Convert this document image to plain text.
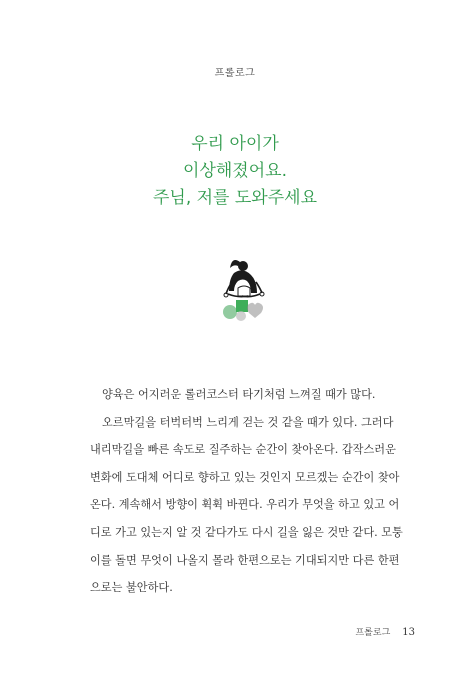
프롤로그
우리 아이가
이상해졌어요.
주님, 저를 도와주세요
양육은 어지러운 롤러코스터 타기처럼 느껴질 때가 많다.
오르막길을 터벅터벅 느리게 걷는 것 같을 때가 있다. 그러다
내리막길을 빠른 속도로 질주하는 순간이 찾아온다. 갑작스러운
변화에 도대체 어디로 향하고 있는 것인지 모르겠는 순간이 찾아
온다. 계속해서 방향이 휙휙 바뀐다. 우리가 무엇을 하고 있고 어
디로 가고 있는지 알 것 같다가도 다시 길을 잃은 것만 같다. 모퉁
이를 돌면 무엇이 나올지 몰라 한편으로는 기대되지만 다른 한편
으로는 불안하다.
프롤로그 13
